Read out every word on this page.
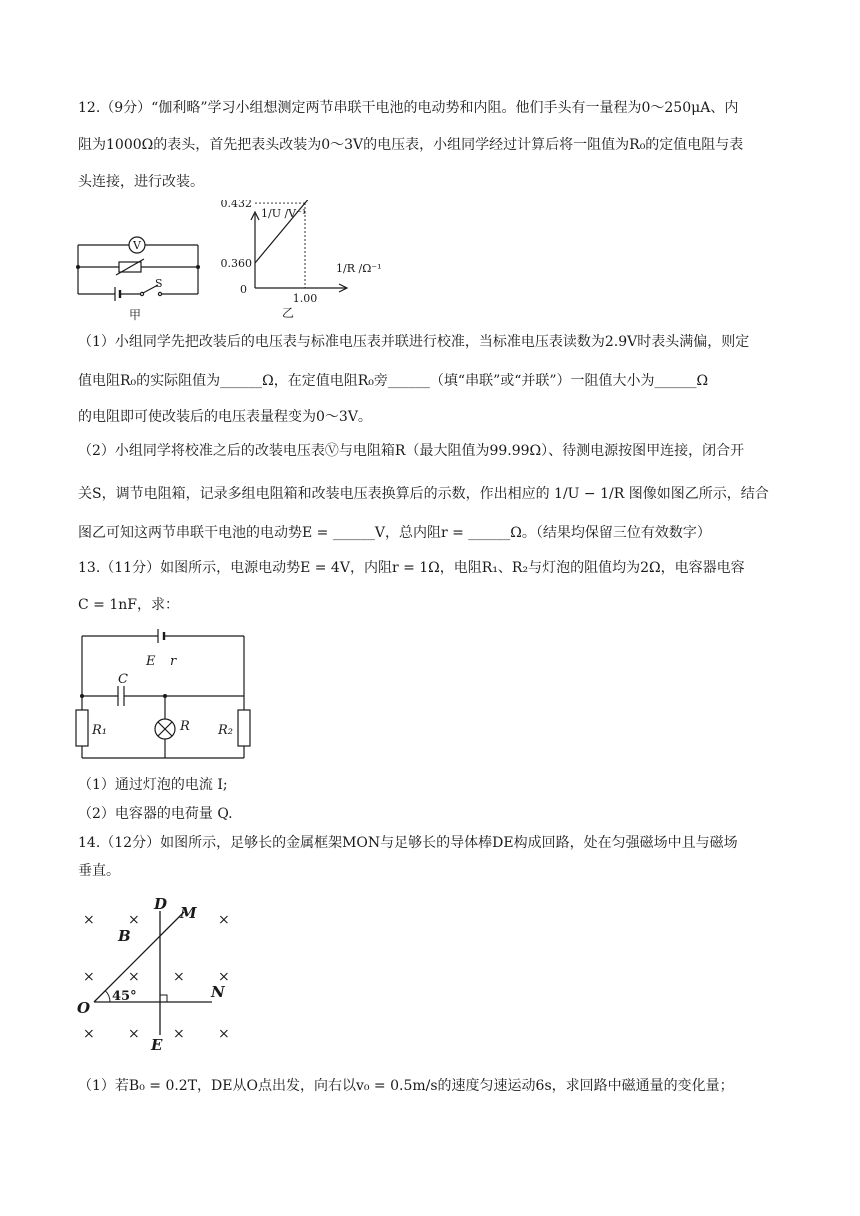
12.（9分）“伽利略”学习小组想测定两节串联干电池的电动势和内阻。他们手头有一量程为0～250μA、内
阻为1000Ω的表头，首先把表头改装为0～3V的电压表，小组同学经过计算后将一阻值为R₀的定值电阻与表
头连接，进行改装。
V
S
甲
1/U /V⁻¹
1/R /Ω⁻¹
0.432
0.360
1.00
0
乙
（1）小组同学先把改装后的电压表与标准电压表并联进行校准，当标准电压表读数为2.9V时表头满偏，则定
值电阻R₀的实际阻值为______Ω，在定值电阻R₀旁______（填“串联”或“并联”）一阻值大小为______Ω
的电阻即可使改装后的电压表量程变为0～3V。
（2）小组同学将校准之后的改装电压表Ⓥ与电阻箱R（最大阻值为99.99Ω）、待测电源按图甲连接，闭合开
关S，调节电阻箱，记录多组电阻箱和改装电压表换算后的示数，作出相应的 1/U − 1/R 图像如图乙所示，结合
图乙可知这两节串联干电池的电动势E = ______V，总内阻r = ______Ω。（结果均保留三位有效数字）
13.（11分）如图所示，电源电动势E = 4V，内阻r = 1Ω，电阻R₁、R₂与灯泡的阻值均为2Ω，电容器电容
C = 1nF，求：
E r
C
R
R₁	R₂
（1）通过灯泡的电流 I;
（2）电容器的电荷量 Q.
14.（12分）如图所示，足够长的金属框架MON与足够长的导体棒DE构成回路，处在匀强磁场中且与磁场
垂直。
× ×	×
× × × ×
× × × ×
D M
B
O
45°	N
E
（1）若B₀ = 0.2T，DE从O点出发，向右以v₀ = 0.5m/s的速度匀速运动6s，求回路中磁通量的变化量；
